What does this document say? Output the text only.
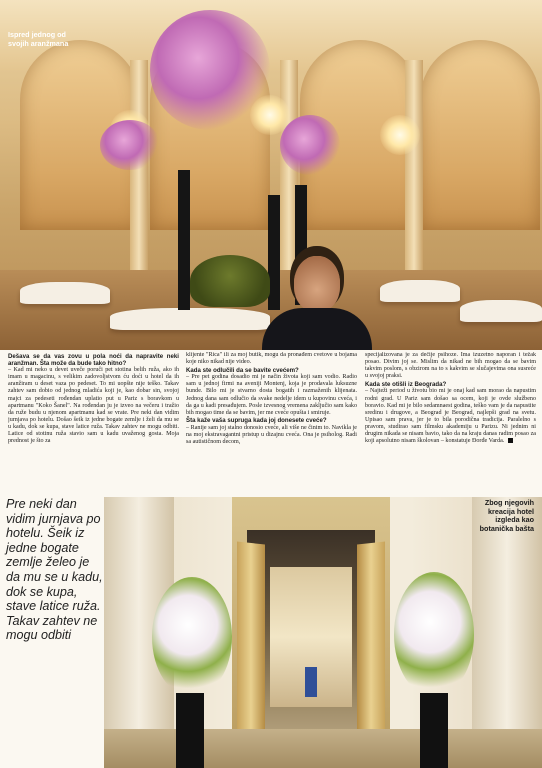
Ispred jednog od
svojih aranžmana

Dešava se da vas zovu u pola noći da napravite neki aranžman. Šta može da bude tako hitno?

– Kad mi neko u devet uveče poruči pet stotina belih ruža, ako ih imam u magacinu, s velikim zadovoljstvom ću doći u hotel da ih aranžiram u deset vaza po pedeset. To mi uopšte nije teško. Takav zahtev sam dobio od jednog mladića koji je, kao dobar sin, svojoj majci za pedeseti rođendan uplatio put u Pariz s boravkom u apartmanu "Koko Šanel". Na rođendan ju je izveo na večeru i tražio da ruže budu u njenom apartmanu kad se vrate. Pre neki dan vidim jurnjava po hotelu. Došao šeik iz jedne bogate zemlje i želi da mu se u kadu, dok se kupa, stave latice ruža. Takav zahtev ne mogu odbiti. Latice od stotinu ruža stavio sam u kadu uvaženog gosta. Moja prednost je što za

klijente "Rica" ili za moj butik, mogu da pronađem cvetove u bojama koje niko nikad nije video.

Kada ste odlučili da se bavite cvećem?

– Pre pet godina dosadio mi je način života koji sam vodio. Radio sam u jednoj firmi na aveniji Montenj, koja je prodavala luksuzne bunde. Bilo mi je stvarno dosta bogatih i razmaženih klijenata. Jednog dana sam odlučio da svake nedelje idem u kupovinu cveća, i da ga u kadi presađujem. Posle izvesnog vremena zaključio sam kako bih mogao time da se bavim, jer me cveće opušta i smiruje.

Šta kaže vaša supruga kada joj donesete cveće?

– Ranije sam joj stalno donosio cveće, ali više ne činim to. Navikla je na moj ekstravagantni pristup u dizajnu cveća. Ona je psiholog. Radi sa autističnom decom,

specijalizovana je za dečije psihoze. Ima izuzetno naporan i težak posao. Divim joj se. Mislim da nikad ne bih mogao da se bavim takvim poslom, s obzirom na to s kakvim se slučajevima ona susreće u svojoj praksi.

Kada ste otišli iz Beograda?

– Najteži period u životu bio mi je onaj kad sam morao da napustim rodni grad. U Pariz sam došao sa ocem, koji je ovde službeno boravio. Kad mi je bilo sedamnaest godina, teško vam je da napustite sredinu i drugove, a Beograd je Beograd, najlepši grad na svetu. Upisao sam prava, jer je to bila porodična tradicija. Paralelno s pravom, studirao sam filmsku akademiju u Parizu. Ni jednim ni drugim nikada se nisam bavio, tako da na kraju danas radim posao za koji apsolutno nisam školovan – konstatuje Đorđe Varda.

Pre neki dan vidim jurnjava po hotelu. Šeik iz jedne bogate zemlje želeo je da mu se u kadu, dok se kupa, stave latice ruža. Takav zahtev ne mogu odbiti
Zbog njegovih
kreacija hotel
izgleda kao
botanička bašta
